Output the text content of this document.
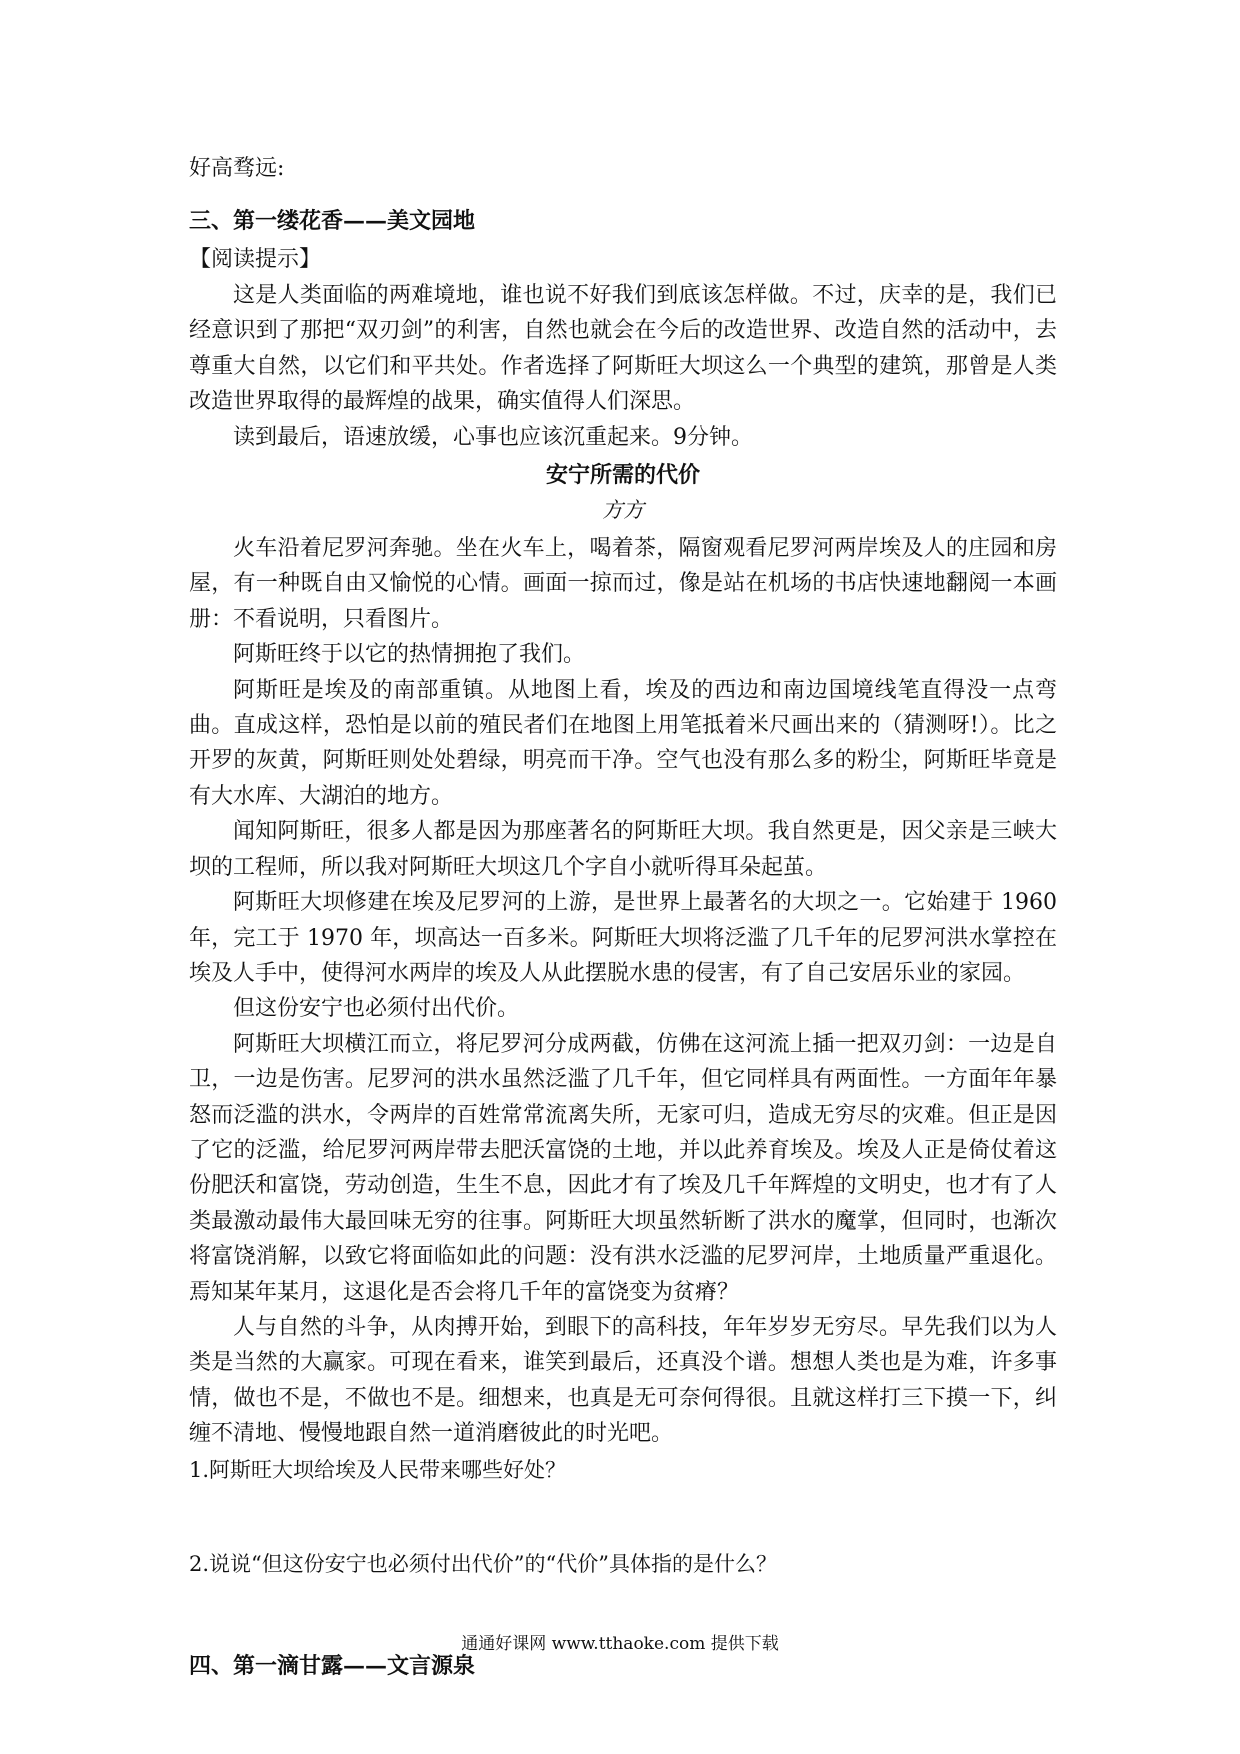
好高骛远:

三、第一缕花香——美文园地

【阅读提示】

这是人类面临的两难境地，谁也说不好我们到底该怎样做。不过，庆幸的是，我们已经意识到了那把“双刃剑”的利害，自然也就会在今后的改造世界、改造自然的活动中，去尊重大自然，以它们和平共处。作者选择了阿斯旺大坝这么一个典型的建筑，那曾是人类改造世界取得的最辉煌的战果，确实值得人们深思。

读到最后，语速放缓，心事也应该沉重起来。9分钟。

安宁所需的代价

方方

火车沿着尼罗河奔驰。坐在火车上，喝着茶，隔窗观看尼罗河两岸埃及人的庄园和房屋，有一种既自由又愉悦的心情。画面一掠而过，像是站在机场的书店快速地翻阅一本画册：不看说明，只看图片。

阿斯旺终于以它的热情拥抱了我们。

阿斯旺是埃及的南部重镇。从地图上看，埃及的西边和南边国境线笔直得没一点弯曲。直成这样，恐怕是以前的殖民者们在地图上用笔抵着米尺画出来的（猜测呀!）。比之开罗的灰黄，阿斯旺则处处碧绿，明亮而干净。空气也没有那么多的粉尘，阿斯旺毕竟是有大水库、大湖泊的地方。

闻知阿斯旺，很多人都是因为那座著名的阿斯旺大坝。我自然更是，因父亲是三峡大坝的工程师，所以我对阿斯旺大坝这几个字自小就听得耳朵起茧。

阿斯旺大坝修建在埃及尼罗河的上游，是世界上最著名的大坝之一。它始建于 1960 年，完工于 1970 年，坝高达一百多米。阿斯旺大坝将泛滥了几千年的尼罗河洪水掌控在埃及人手中，使得河水两岸的埃及人从此摆脱水患的侵害，有了自己安居乐业的家园。

但这份安宁也必须付出代价。

阿斯旺大坝横江而立，将尼罗河分成两截，仿佛在这河流上插一把双刃剑：一边是自卫，一边是伤害。尼罗河的洪水虽然泛滥了几千年，但它同样具有两面性。一方面年年暴怒而泛滥的洪水，令两岸的百姓常常流离失所，无家可归，造成无穷尽的灾难。但正是因了它的泛滥，给尼罗河两岸带去肥沃富饶的土地，并以此养育埃及。埃及人正是倚仗着这份肥沃和富饶，劳动创造，生生不息，因此才有了埃及几千年辉煌的文明史，也才有了人类最激动最伟大最回味无穷的往事。阿斯旺大坝虽然斩断了洪水的魔掌，但同时，也渐次将富饶消解，以致它将面临如此的问题：没有洪水泛滥的尼罗河岸，土地质量严重退化。焉知某年某月，这退化是否会将几千年的富饶变为贫瘠？

人与自然的斗争，从肉搏开始，到眼下的高科技，年年岁岁无穷尽。早先我们以为人类是当然的大赢家。可现在看来，谁笑到最后，还真没个谱。想想人类也是为难，许多事情，做也不是，不做也不是。细想来，也真是无可奈何得很。且就这样打三下摸一下，纠缠不清地、慢慢地跟自然一道消磨彼此的时光吧。

1.阿斯旺大坝给埃及人民带来哪些好处？

2.说说“但这份安宁也必须付出代价”的“代价”具体指的是什么？

四、第一滴甘露——文言源泉

通通好课网 www.tthaoke.com 提供下载
